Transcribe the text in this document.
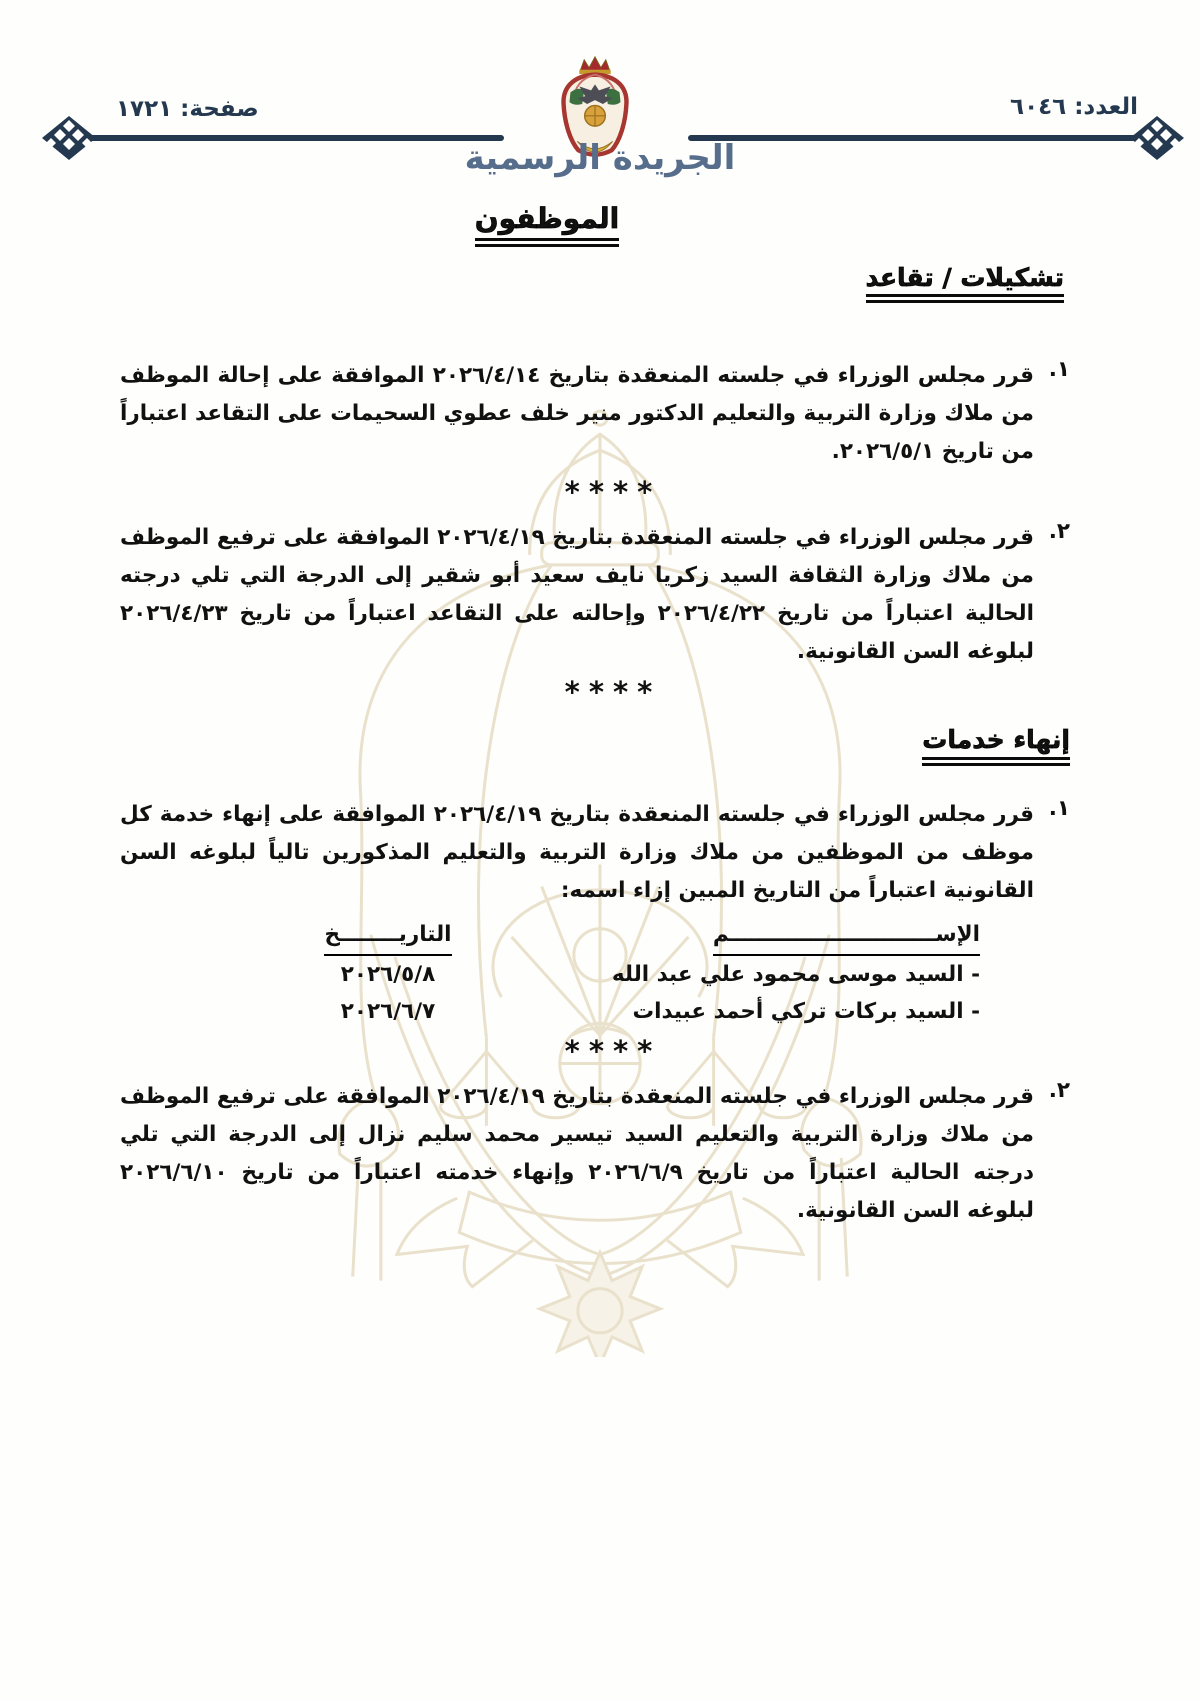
العدد: ٦٠٤٦
صفحة: ١٧٢١
الجريدة الرسمية
الموظفون
تشكيلات / تقاعد
١.

قرر مجلس الوزراء في جلسته المنعقدة بتاريخ ٢٠٢٦/٤/١٤ الموافقة على إحالة الموظف من ملاك وزارة التربية والتعليم الدكتور منير خلف عطوي السحيمات على التقاعد اعتباراً من تاريخ ٢٠٢٦/٥/١.

****
٢.

قرر مجلس الوزراء في جلسته المنعقدة بتاريخ ٢٠٢٦/٤/١٩ الموافقة على ترفيع الموظف من ملاك وزارة الثقافة السيد زكريا نايف سعيد أبو شقير إلى الدرجة التي تلي درجته الحالية اعتباراً من تاريخ ٢٠٢٦/٤/٢٢ وإحالته على التقاعد اعتباراً من تاريخ ٢٠٢٦/٤/٢٣ لبلوغه السن القانونية.

****
إنهاء خدمات
١.

قرر مجلس الوزراء في جلسته المنعقدة بتاريخ ٢٠٢٦/٤/١٩ الموافقة على إنهاء خدمة كل موظف من الموظفين من ملاك وزارة التربية والتعليم المذكورين تالياً لبلوغه السن القانونية اعتباراً من التاريخ المبين إزاء اسمه:

الإســــــــــــــــــــــــــــم
التاريــــــــخ
- السيد موسى محمود علي عبد الله
٢٠٢٦/٥/٨
- السيد بركات تركي أحمد عبيدات
٢٠٢٦/٦/٧
****
٢.

قرر مجلس الوزراء في جلسته المنعقدة بتاريخ ٢٠٢٦/٤/١٩ الموافقة على ترفيع الموظف من ملاك وزارة التربية والتعليم السيد تيسير محمد سليم نزال إلى الدرجة التي تلي درجته الحالية اعتباراً من تاريخ ٢٠٢٦/٦/٩ وإنهاء خدمته اعتباراً من تاريخ ٢٠٢٦/٦/١٠ لبلوغه السن القانونية.
